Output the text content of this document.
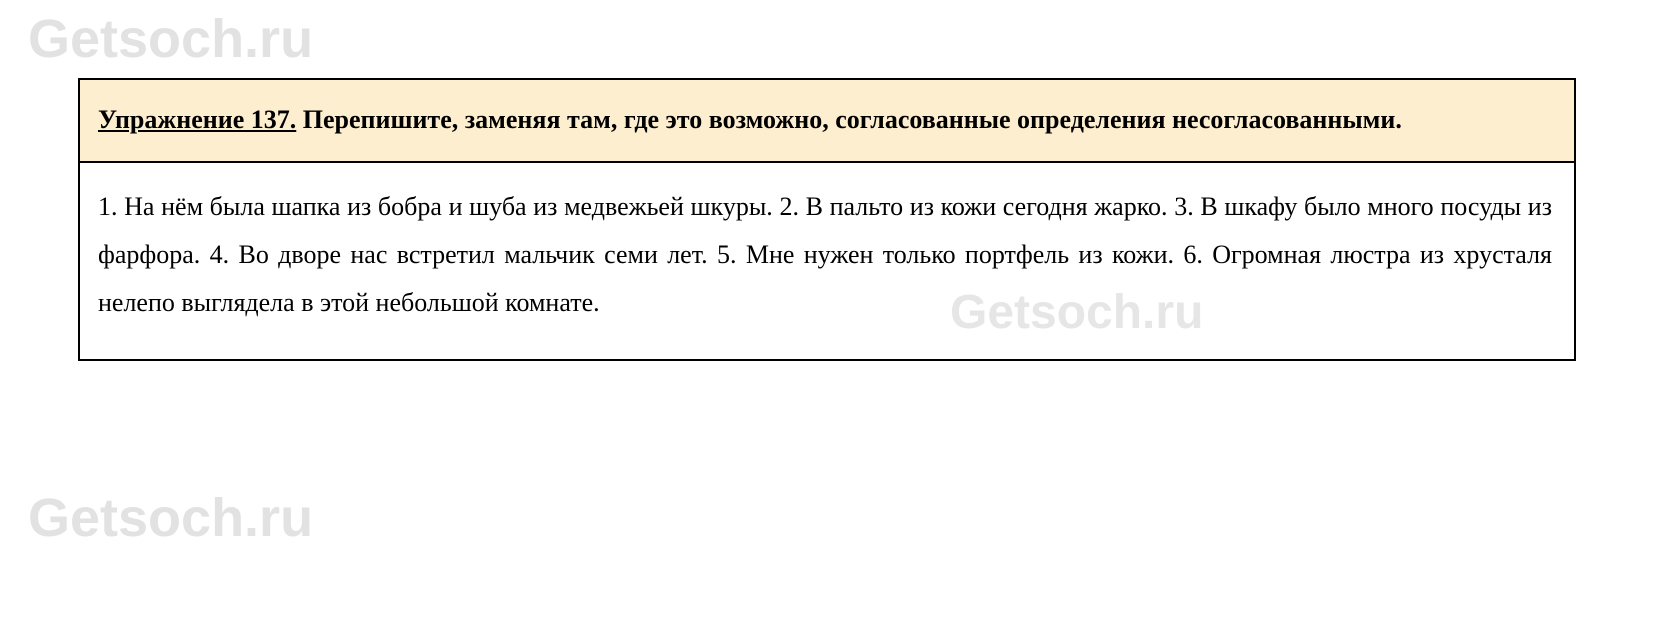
Getsoch.ru
Getsoch.ru
Getsoch.ru

Упражнение 137. Перепишите, заменяя там, где это возможно, согласованные определения несогласованными.

1. На нём была шапка из бобра и шуба из медвежьей шкуры. 2. В пальто из кожи сегодня жарко. 3. В шкафу было много посуды из фарфора. 4. Во дворе нас встретил мальчик семи лет. 5. Мне нужен только портфель из кожи. 6. Огромная люстра из хрусталя нелепо выглядела в этой небольшой комнате.
